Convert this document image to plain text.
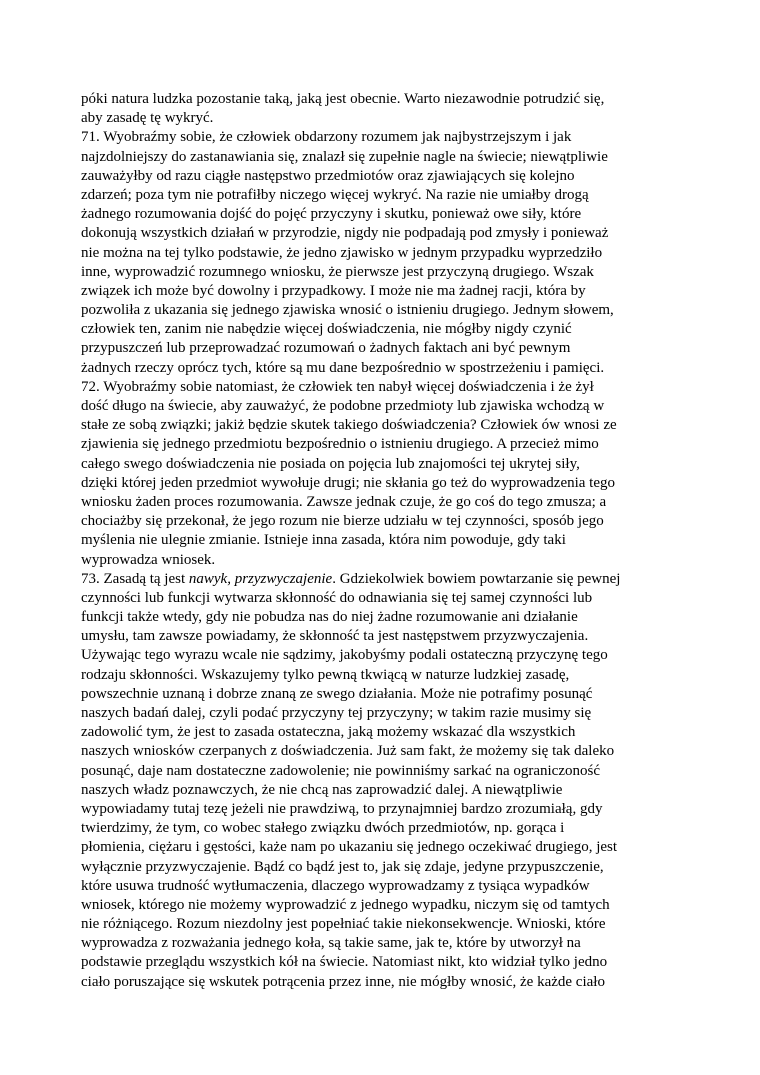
póki natura ludzka pozostanie taką, jaką jest obecnie. Warto niezawodnie potrudzić się,
aby zasadę tę wykryć.
71. Wyobraźmy sobie, że człowiek obdarzony rozumem jak najbystrzejszym i jak
najzdolniejszy do zastanawiania się, znalazł się zupełnie nagle na świecie; niewątpliwie
zauważyłby od razu ciągłe następstwo przedmiotów oraz zjawiających się kolejno
zdarzeń; poza tym nie potrafiłby niczego więcej wykryć. Na razie nie umiałby drogą
żadnego rozumowania dojść do pojęć przyczyny i skutku, ponieważ owe siły, które
dokonują wszystkich działań w przyrodzie, nigdy nie podpadają pod zmysły i ponieważ
nie można na tej tylko podstawie, że jedno zjawisko w jednym przypadku wyprzedziło
inne, wyprowadzić rozumnego wniosku, że pierwsze jest przyczyną drugiego. Wszak
związek ich może być dowolny i przypadkowy. I może nie ma żadnej racji, która by
pozwoliła z ukazania się jednego zjawiska wnosić o istnieniu drugiego. Jednym słowem,
człowiek ten, zanim nie nabędzie więcej doświadczenia, nie mógłby nigdy czynić
przypuszczeń lub przeprowadzać rozumowań o żadnych faktach ani być pewnym
żadnych rzeczy oprócz tych, które są mu dane bezpośrednio w spostrzeżeniu i pamięci.
72. Wyobraźmy sobie natomiast, że człowiek ten nabył więcej doświadczenia i że żył
dość długo na świecie, aby zauważyć, że podobne przedmioty lub zjawiska wchodzą w
stałe ze sobą związki; jakiż będzie skutek takiego doświadczenia? Człowiek ów wnosi ze
zjawienia się jednego przedmiotu bezpośrednio o istnieniu drugiego. A przecież mimo
całego swego doświadczenia nie posiada on pojęcia lub znajomości tej ukrytej siły,
dzięki której jeden przedmiot wywołuje drugi; nie skłania go też do wyprowadzenia tego
wniosku żaden proces rozumowania. Zawsze jednak czuje, że go coś do tego zmusza; a
chociażby się przekonał, że jego rozum nie bierze udziału w tej czynności, sposób jego
myślenia nie ulegnie zmianie. Istnieje inna zasada, która nim powoduje, gdy taki
wyprowadza wniosek.
73. Zasadą tą jest nawyk, przyzwyczajenie. Gdziekolwiek bowiem powtarzanie się pewnej
czynności lub funkcji wytwarza skłonność do odnawiania się tej samej czynności lub
funkcji także wtedy, gdy nie pobudza nas do niej żadne rozumowanie ani działanie
umysłu, tam zawsze powiadamy, że skłonność ta jest następstwem przyzwyczajenia.
Używając tego wyrazu wcale nie sądzimy, jakobyśmy podali ostateczną przyczynę tego
rodzaju skłonności. Wskazujemy tylko pewną tkwiącą w naturze ludzkiej zasadę,
powszechnie uznaną i dobrze znaną ze swego działania. Może nie potrafimy posunąć
naszych badań dalej, czyli podać przyczyny tej przyczyny; w takim razie musimy się
zadowolić tym, że jest to zasada ostateczna, jaką możemy wskazać dla wszystkich
naszych wniosków czerpanych z doświadczenia. Już sam fakt, że możemy się tak daleko
posunąć, daje nam dostateczne zadowolenie; nie powinniśmy sarkać na ograniczoność
naszych władz poznawczych, że nie chcą nas zaprowadzić dalej. A niewątpliwie
wypowiadamy tutaj tezę jeżeli nie prawdziwą, to przynajmniej bardzo zrozumiałą, gdy
twierdzimy, że tym, co wobec stałego związku dwóch przedmiotów, np. gorąca i
płomienia, ciężaru i gęstości, każe nam po ukazaniu się jednego oczekiwać drugiego, jest
wyłącznie przyzwyczajenie. Bądź co bądź jest to, jak się zdaje, jedyne przypuszczenie,
które usuwa trudność wytłumaczenia, dlaczego wyprowadzamy z tysiąca wypadków
wniosek, którego nie możemy wyprowadzić z jednego wypadku, niczym się od tamtych
nie różniącego. Rozum niezdolny jest popełniać takie niekonsekwencje. Wnioski, które
wyprowadza z rozważania jednego koła, są takie same, jak te, które by utworzył na
podstawie przeglądu wszystkich kół na świecie. Natomiast nikt, kto widział tylko jedno
ciało poruszające się wskutek potrącenia przez inne, nie mógłby wnosić, że każde ciało
